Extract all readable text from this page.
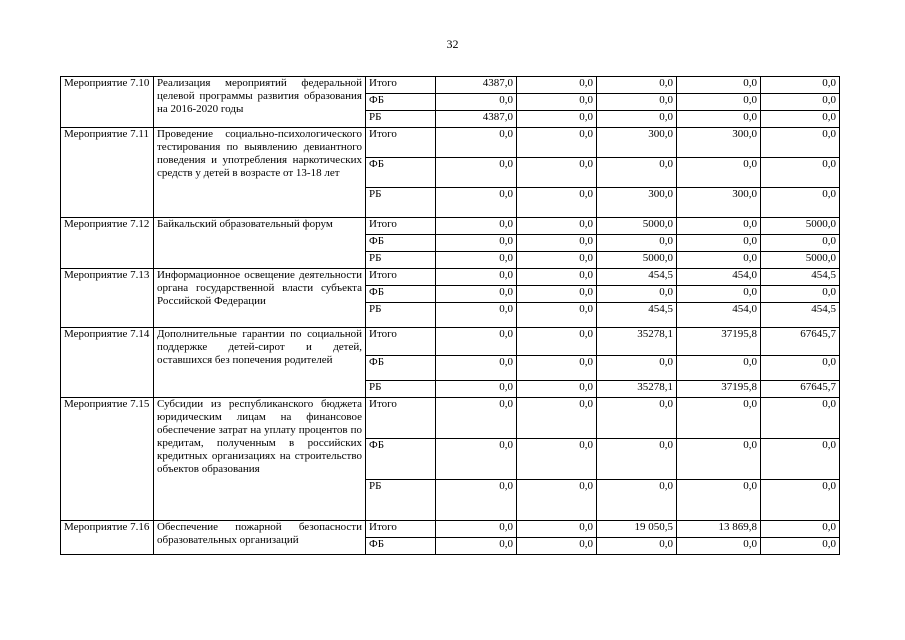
32
Мероприятие 7.10	Реализация мероприятий федеральной целевой программы развития образования на 2016-2020 годы	Итого	4387,0	0,0	0,0	0,0	0,0
		ФБ	0,0	0,0	0,0	0,0	0,0
		РБ	4387,0	0,0	0,0	0,0	0,0
Мероприятие 7.11	Проведение социально-психологического тестирования по выявлению девиантного поведения и употребления наркотических средств у детей в возрасте от 13-18 лет	Итого	0,0	0,0	300,0	300,0	0,0
		ФБ	0,0	0,0	0,0	0,0	0,0
		РБ	0,0	0,0	300,0	300,0	0,0
Мероприятие 7.12	Байкальский образовательный форум	Итого	0,0	0,0	5000,0	0,0	5000,0
		ФБ	0,0	0,0	0,0	0,0	0,0
		РБ	0,0	0,0	5000,0	0,0	5000,0
Мероприятие 7.13	Информационное освещение деятельности органа государственной власти субъекта Российской Федерации	Итого	0,0	0,0	454,5	454,0	454,5
		ФБ	0,0	0,0	0,0	0,0	0,0
		РБ	0,0	0,0	454,5	454,0	454,5
Мероприятие 7.14	Дополнительные гарантии по социальной поддержке детей-сирот и детей, оставшихся без попечения родителей	Итого	0,0	0,0	35278,1	37195,8	67645,7
		ФБ	0,0	0,0	0,0	0,0	0,0
		РБ	0,0	0,0	35278,1	37195,8	67645,7
Мероприятие 7.15	Субсидии из республиканского бюджета юридическим лицам на финансовое обеспечение затрат на уплату процентов по кредитам, полученным в российских кредитных организациях на строительство объектов образования	Итого	0,0	0,0	0,0	0,0	0,0
		ФБ	0,0	0,0	0,0	0,0	0,0
		РБ	0,0	0,0	0,0	0,0	0,0
Мероприятие 7.16	Обеспечение пожарной безопасности образовательных организаций	Итого	0,0	0,0	19 050,5	13 869,8	0,0
		ФБ	0,0	0,0	0,0	0,0	0,0
